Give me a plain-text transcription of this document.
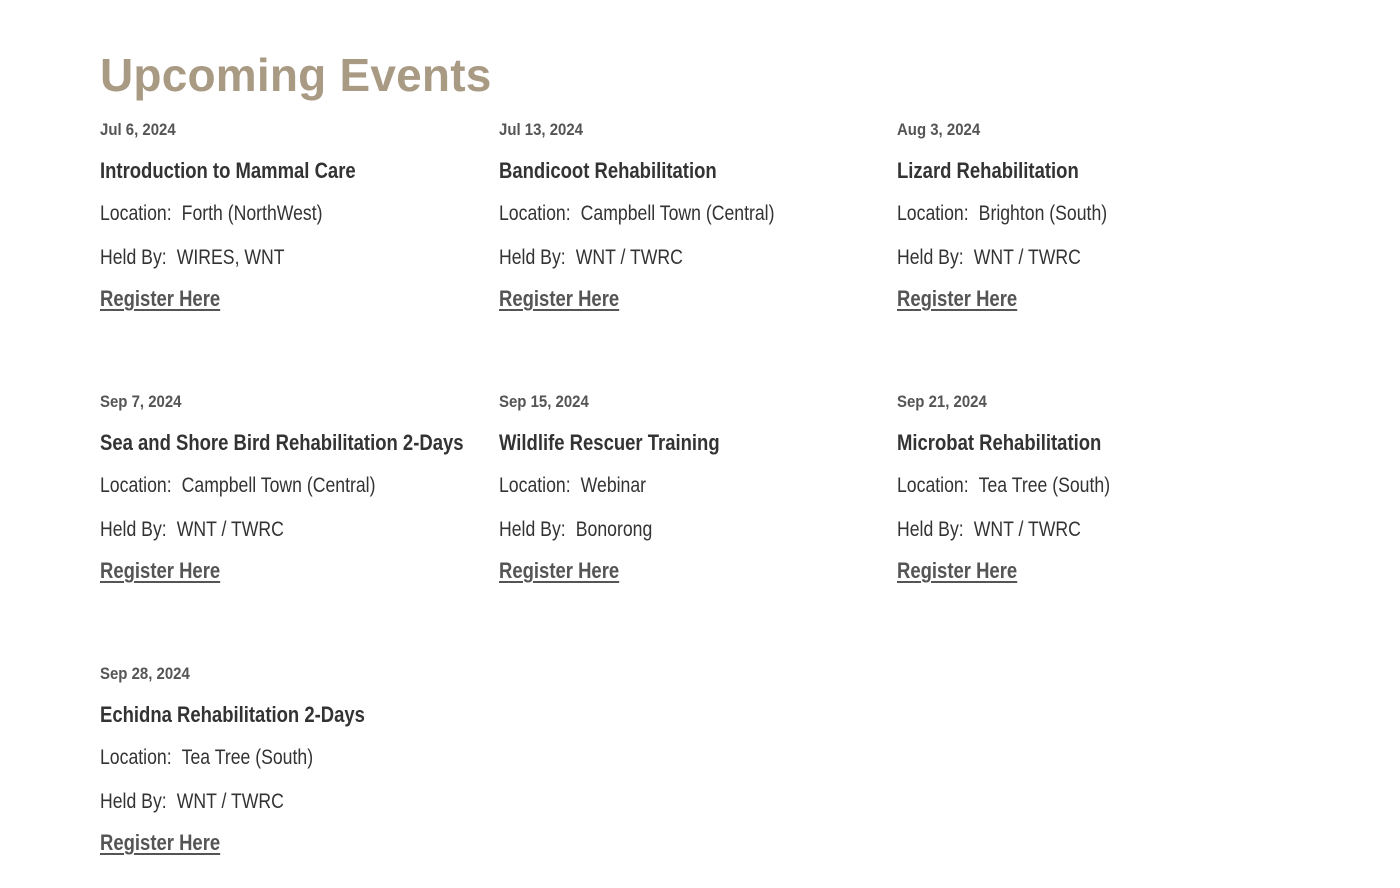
Upcoming Events
Jul 6, 2024
Introduction to Mammal Care
Location: Forth (NorthWest)
Held By: WIRES, WNT
Register Here
Jul 13, 2024
Bandicoot Rehabilitation
Location: Campbell Town (Central)
Held By: WNT / TWRC
Register Here
Aug 3, 2024
Lizard Rehabilitation
Location: Brighton (South)
Held By: WNT / TWRC
Register Here
Sep 7, 2024
Sea and Shore Bird Rehabilitation 2-Days
Location: Campbell Town (Central)
Held By: WNT / TWRC
Register Here
Sep 15, 2024
Wildlife Rescuer Training
Location: Webinar
Held By: Bonorong
Register Here
Sep 21, 2024
Microbat Rehabilitation
Location: Tea Tree (South)
Held By: WNT / TWRC
Register Here
Sep 28, 2024
Echidna Rehabilitation 2-Days
Location: Tea Tree (South)
Held By: WNT / TWRC
Register Here
